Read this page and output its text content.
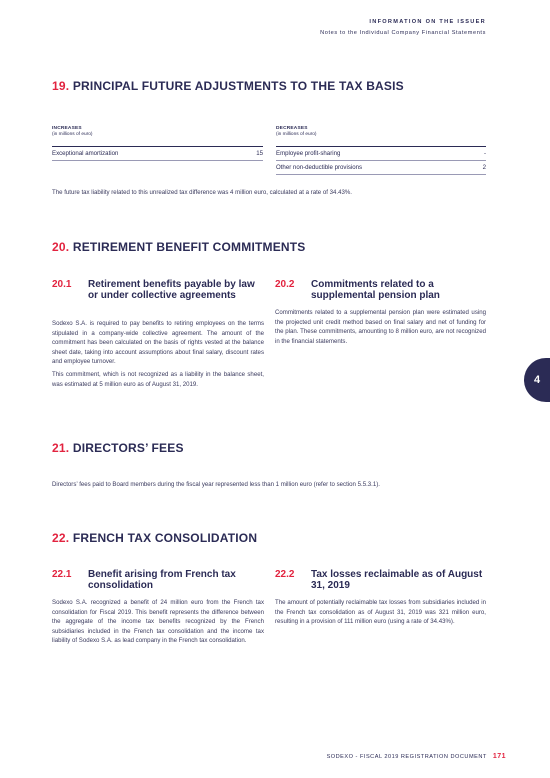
INFORMATION ON THE ISSUER
Notes to the Individual Company Financial Statements
19. PRINCIPAL FUTURE ADJUSTMENTS TO THE TAX BASIS
INCREASES
(in millions of euro)
Exceptional amortization	15
DECREASES
(in millions of euro)
Employee profit-sharing	-
Other non-deductible provisions	2
The future tax liability related to this unrealized tax difference was 4 million euro, calculated at a rate of 34.43%.
20. RETIREMENT BENEFIT COMMITMENTS
20.1 Retirement benefits payable by law or under collective agreements
Sodexo S.A. is required to pay benefits to retiring employees on the terms stipulated in a company-wide collective agreement. The amount of the commitment has been calculated on the basis of rights vested at the balance sheet date, taking into account assumptions about final salary, discount rates and employee turnover.
This commitment, which is not recognized as a liability in the balance sheet, was estimated at 5 million euro as of August 31, 2019.
20.2 Commitments related to a supplemental pension plan
Commitments related to a supplemental pension plan were estimated using the projected unit credit method based on final salary and net of funding for the plan. These commitments, amounting to 8 million euro, are not recognized in the financial statements.
4
21. DIRECTORS’ FEES
Directors’ fees paid to Board members during the fiscal year represented less than 1 million euro (refer to section 5.5.3.1).
22. FRENCH TAX CONSOLIDATION
22.1 Benefit arising from French tax consolidation
Sodexo S.A. recognized a benefit of 24 million euro from the French tax consolidation for Fiscal 2019. This benefit represents the difference between the aggregate of the income tax benefits recognized by the French subsidiaries included in the French tax consolidation and the income tax liability of Sodexo S.A. as lead company in the French tax consolidation.
22.2 Tax losses reclaimable as of August 31, 2019
The amount of potentially reclaimable tax losses from subsidiaries included in the French tax consolidation as of August 31, 2019 was 321 million euro, resulting in a provision of 111 million euro (using a rate of 34.43%).
SODEXO - FISCAL 2019 REGISTRATION DOCUMENT 171
